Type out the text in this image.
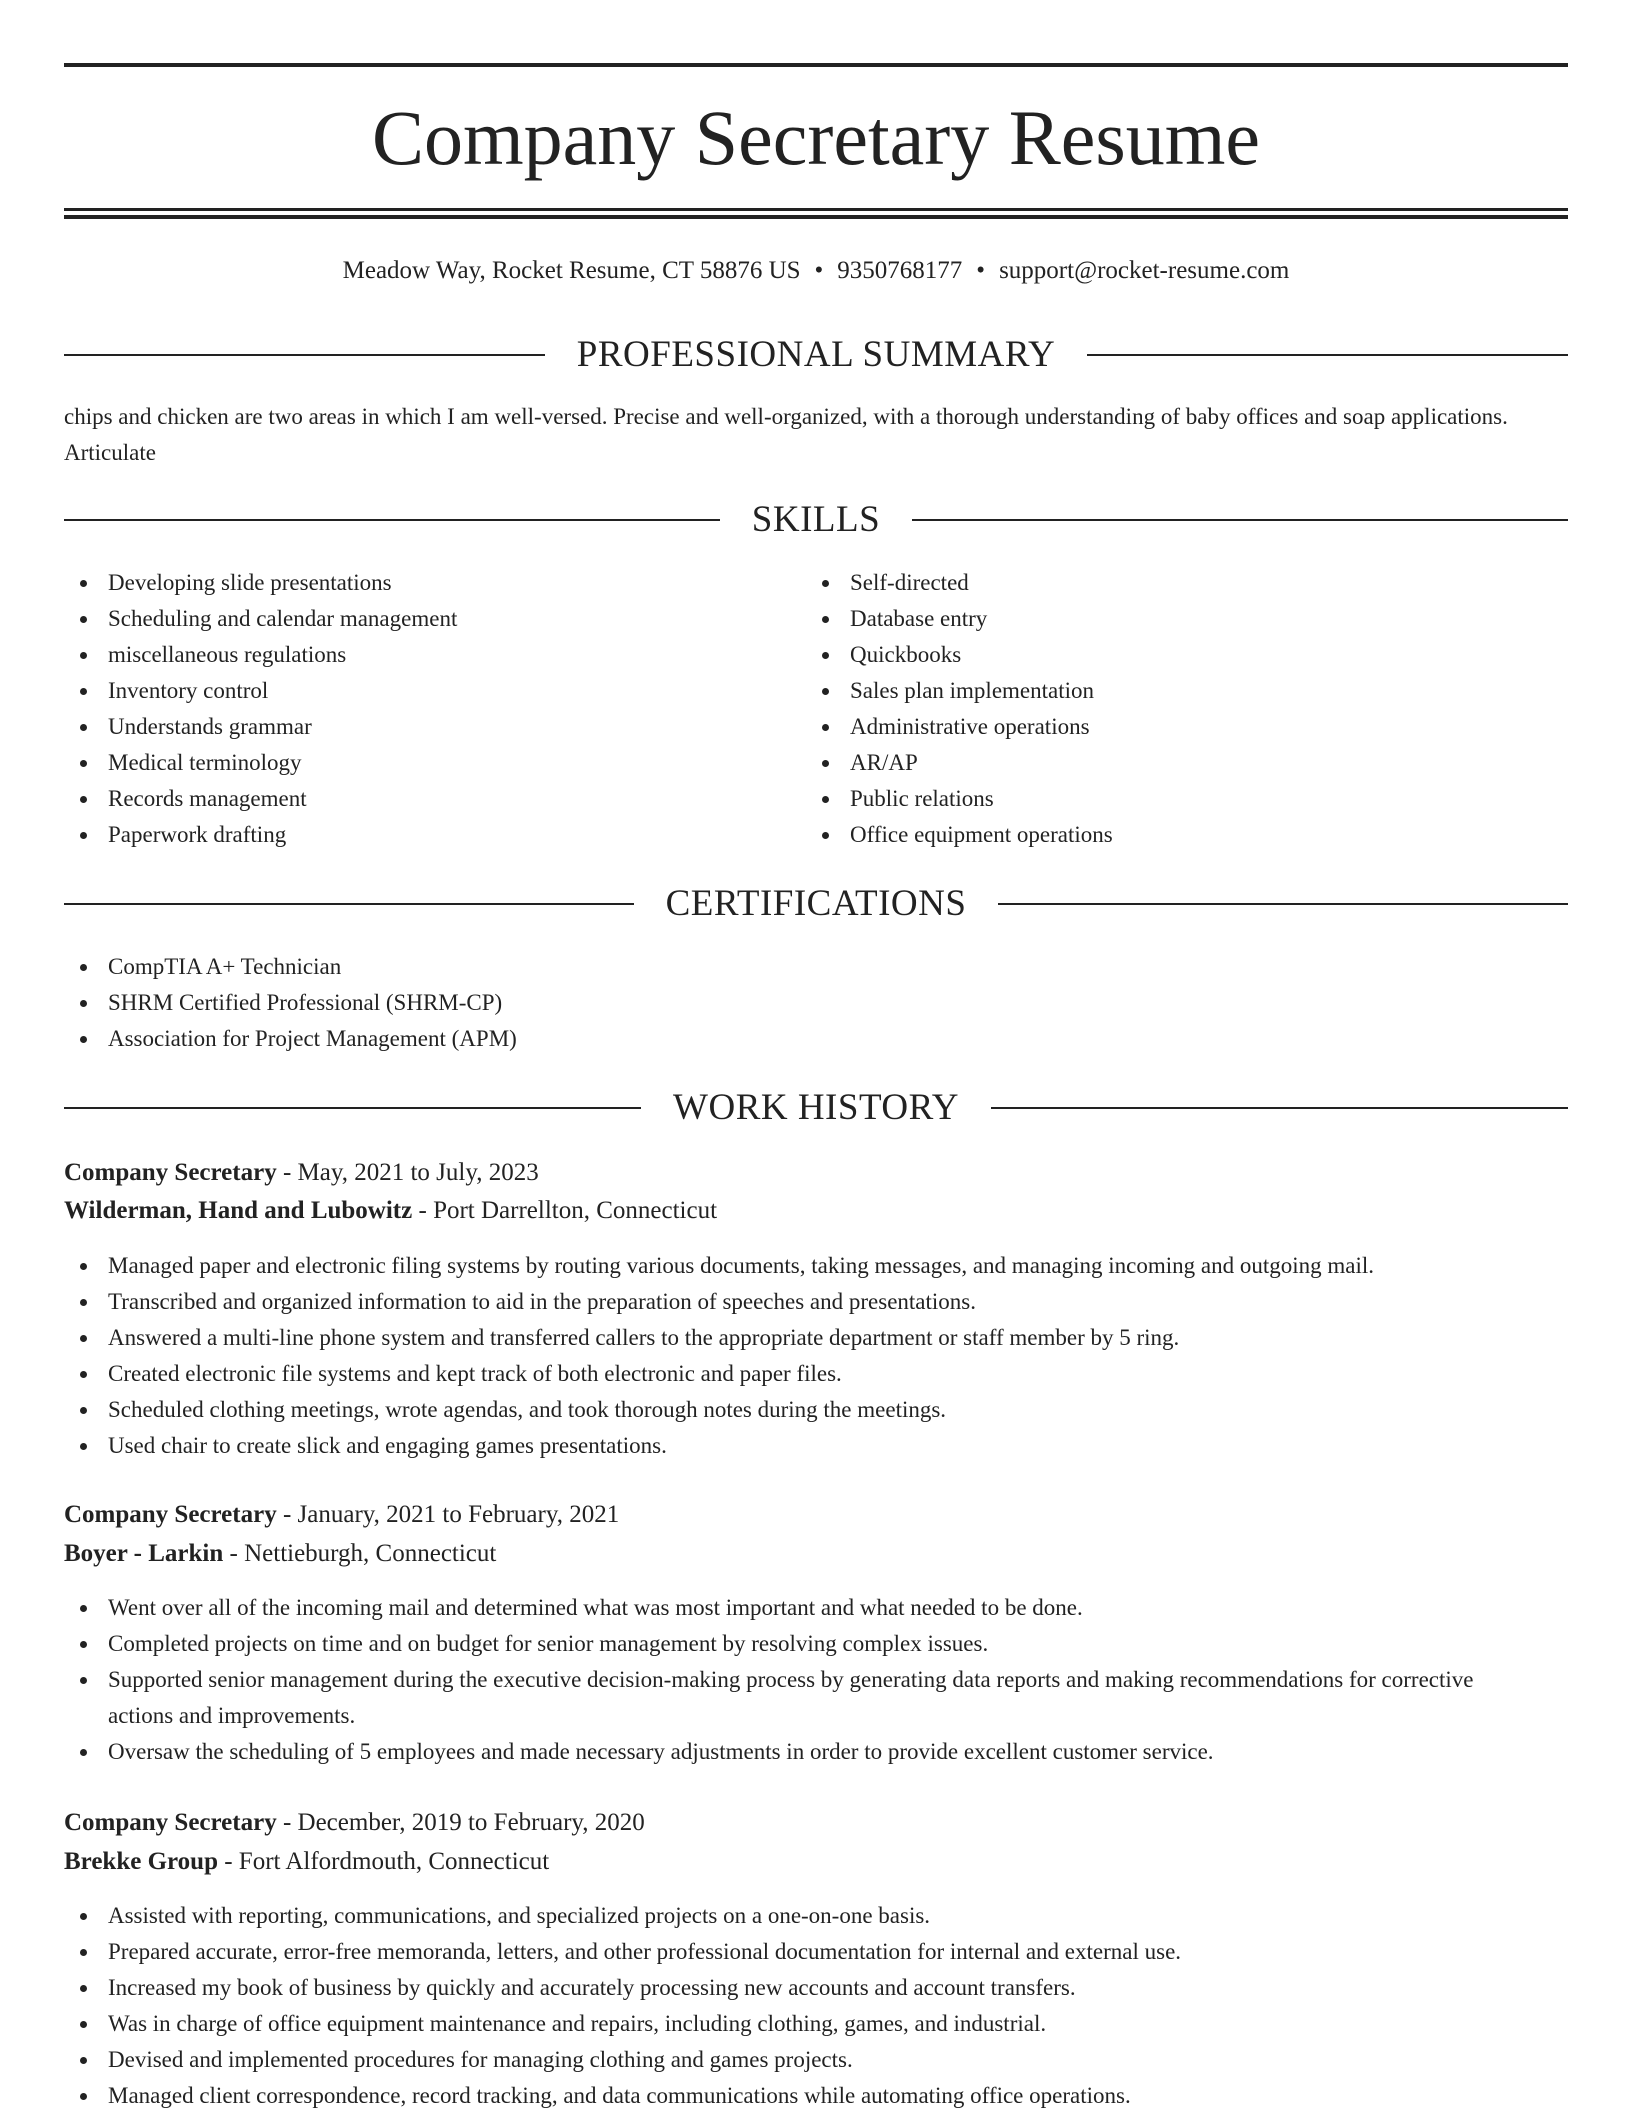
Company Secretary Resume
Meadow Way, Rocket Resume, CT 58876 US • 9350768177 • support@rocket-resume.com
PROFESSIONAL SUMMARY

chips and chicken are two areas in which I am well-versed. Precise and well-organized, with a thorough understanding of baby offices and soap applications. Articulate

SKILLS
Developing slide presentations
Scheduling and calendar management
miscellaneous regulations
Inventory control
Understands grammar
Medical terminology
Records management
Paperwork drafting
Self-directed
Database entry
Quickbooks
Sales plan implementation
Administrative operations
AR/AP
Public relations
Office equipment operations
CERTIFICATIONS
CompTIA A+ Technician
SHRM Certified Professional (SHRM-CP)
Association for Project Management (APM)
WORK HISTORY
Company Secretary - May, 2021 to July, 2023
Wilderman, Hand and Lubowitz - Port Darrellton, Connecticut
Managed paper and electronic filing systems by routing various documents, taking messages, and managing incoming and outgoing mail.
Transcribed and organized information to aid in the preparation of speeches and presentations.
Answered a multi-line phone system and transferred callers to the appropriate department or staff member by 5 ring.
Created electronic file systems and kept track of both electronic and paper files.
Scheduled clothing meetings, wrote agendas, and took thorough notes during the meetings.
Used chair to create slick and engaging games presentations.
Company Secretary - January, 2021 to February, 2021
Boyer - Larkin - Nettieburgh, Connecticut
Went over all of the incoming mail and determined what was most important and what needed to be done.
Completed projects on time and on budget for senior management by resolving complex issues.
Supported senior management during the executive decision-making process by generating data reports and making recommendations for corrective actions and improvements.
Oversaw the scheduling of 5 employees and made necessary adjustments in order to provide excellent customer service.
Company Secretary - December, 2019 to February, 2020
Brekke Group - Fort Alfordmouth, Connecticut
Assisted with reporting, communications, and specialized projects on a one-on-one basis.
Prepared accurate, error-free memoranda, letters, and other professional documentation for internal and external use.
Increased my book of business by quickly and accurately processing new accounts and account transfers.
Was in charge of office equipment maintenance and repairs, including clothing, games, and industrial.
Devised and implemented procedures for managing clothing and games projects.
Managed client correspondence, record tracking, and data communications while automating office operations.
